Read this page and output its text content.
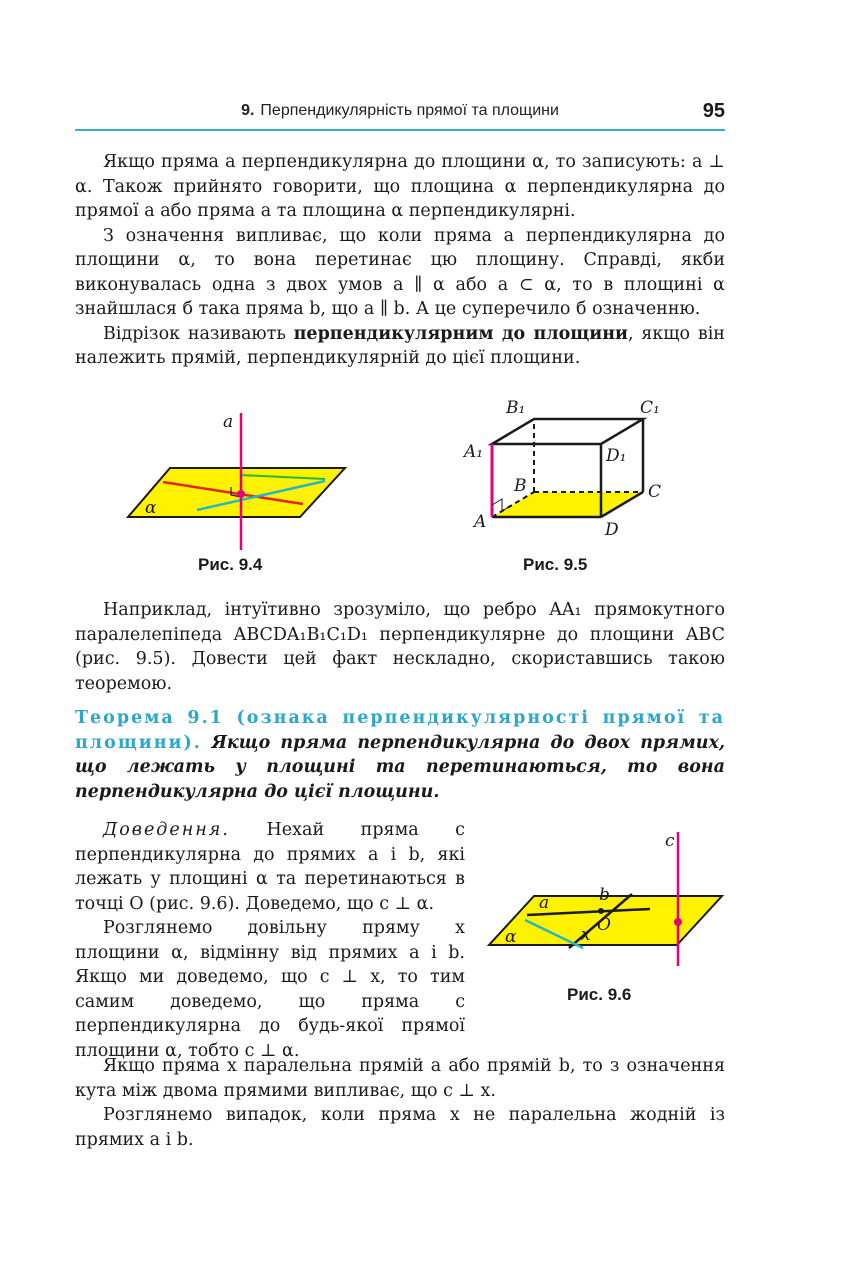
9. Перпендикулярність прямої та площини	95

Якщо пряма a перпендикулярна до площини α, то записують: a ⊥ α. Також прийнято говорити, що площина α перпендикулярна до прямої a або пряма a та площина α перпендикулярні.

З означення випливає, що коли пряма a перпендикулярна до площини α, то вона перетинає цю площину. Справді, якби виконувалась одна з двох умов a ∥ α або a ⊂ α, то в площині α знайшлася б така пряма b, що a ∥ b. А це суперечило б означенню.

Відрізок називають перпендикулярним до площини, якщо він належить прямій, перпендикулярній до цієї площини.

a
α
Рис. 9.4
A
B	C
D
A₁
B₁	C₁
D₁
Рис. 9.5

Наприклад, інтуїтивно зрозуміло, що ребро AA₁ прямокутного паралелепіпеда ABCDA₁B₁C₁D₁ перпендикулярне до площини ABC (рис. 9.5). Довести цей факт нескладно, скориставшись такою теоремою.

Теорема 9.1 (ознака перпендикулярності прямої та площини). Якщо пряма перпендикулярна до двох прямих, що лежать у площині та перетинаються, то вона перпендикулярна до цієї площини.

Доведення. Нехай пряма c перпендикулярна до прямих a і b, які лежать у площині α та перетинаються в точці O (рис. 9.6). Доведемо, що c ⊥ α.

Розглянемо довільну пряму x площини α, відмінну від прямих a і b. Якщо ми доведемо, що c ⊥ x, то тим самим доведемо, що пряма c перпендикулярна до будь-якої прямої площини α, тобто c ⊥ α.

c
a	b
O
x
α
Рис. 9.6

Якщо пряма x паралельна прямій a або прямій b, то з означення кута між двома прямими випливає, що c ⊥ x.

Розглянемо випадок, коли пряма x не паралельна жодній із прямих a і b.
